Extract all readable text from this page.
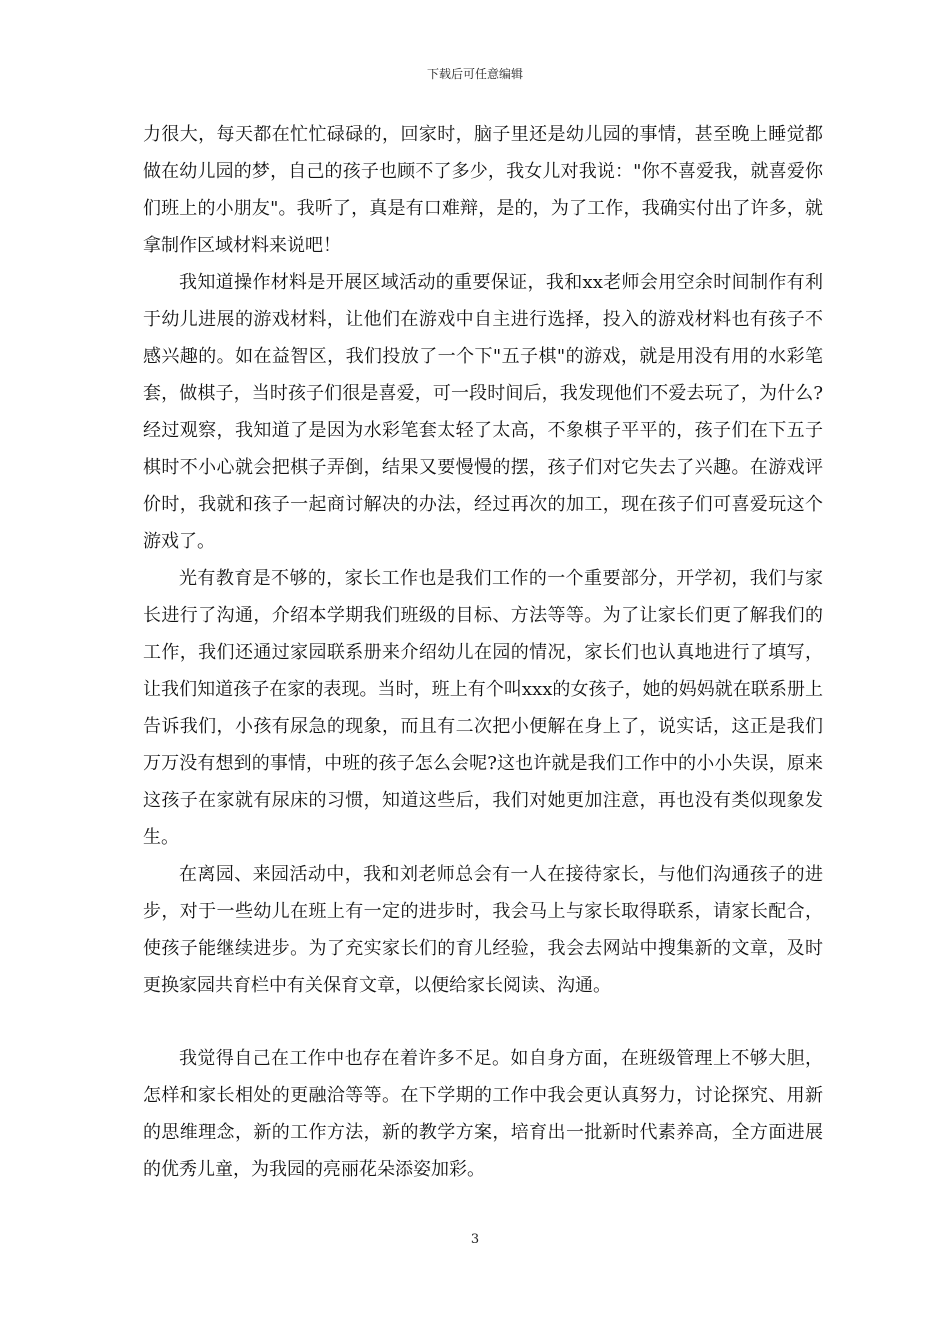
下载后可任意编辑

力很大，每天都在忙忙碌碌的，回家时，脑子里还是幼儿园的事情，甚至晚上睡觉都做在幼儿园的梦，自己的孩子也顾不了多少，我女儿对我说："你不喜爱我，就喜爱你们班上的小朋友"。我听了，真是有口难辩，是的，为了工作，我确实付出了许多，就拿制作区域材料来说吧！

我知道操作材料是开展区域活动的重要保证，我和xx老师会用空余时间制作有利于幼儿进展的游戏材料，让他们在游戏中自主进行选择，投入的游戏材料也有孩子不感兴趣的。如在益智区，我们投放了一个下"五子棋"的游戏，就是用没有用的水彩笔套，做棋子，当时孩子们很是喜爱，可一段时间后，我发现他们不爱去玩了，为什么?经过观察，我知道了是因为水彩笔套太轻了太高，不象棋子平平的，孩子们在下五子棋时不小心就会把棋子弄倒，结果又要慢慢的摆，孩子们对它失去了兴趣。在游戏评价时，我就和孩子一起商讨解决的办法，经过再次的加工，现在孩子们可喜爱玩这个游戏了。

光有教育是不够的，家长工作也是我们工作的一个重要部分，开学初，我们与家长进行了沟通，介绍本学期我们班级的目标、方法等等。为了让家长们更了解我们的工作，我们还通过家园联系册来介绍幼儿在园的情况，家长们也认真地进行了填写，让我们知道孩子在家的表现。当时，班上有个叫xxx的女孩子，她的妈妈就在联系册上告诉我们，小孩有尿急的现象，而且有二次把小便解在身上了，说实话，这正是我们万万没有想到的事情，中班的孩子怎么会呢?这也许就是我们工作中的小小失误，原来这孩子在家就有尿床的习惯，知道这些后，我们对她更加注意，再也没有类似现象发生。

在离园、来园活动中，我和刘老师总会有一人在接待家长，与他们沟通孩子的进步，对于一些幼儿在班上有一定的进步时，我会马上与家长取得联系，请家长配合，使孩子能继续进步。为了充实家长们的育儿经验，我会去网站中搜集新的文章，及时更换家园共育栏中有关保育文章，以便给家长阅读、沟通。

我觉得自己在工作中也存在着许多不足。如自身方面，在班级管理上不够大胆，怎样和家长相处的更融洽等等。在下学期的工作中我会更认真努力，讨论探究、用新的思维理念，新的工作方法，新的教学方案，培育出一批新时代素养高，全方面进展的优秀儿童，为我园的亮丽花朵添姿加彩。

3
